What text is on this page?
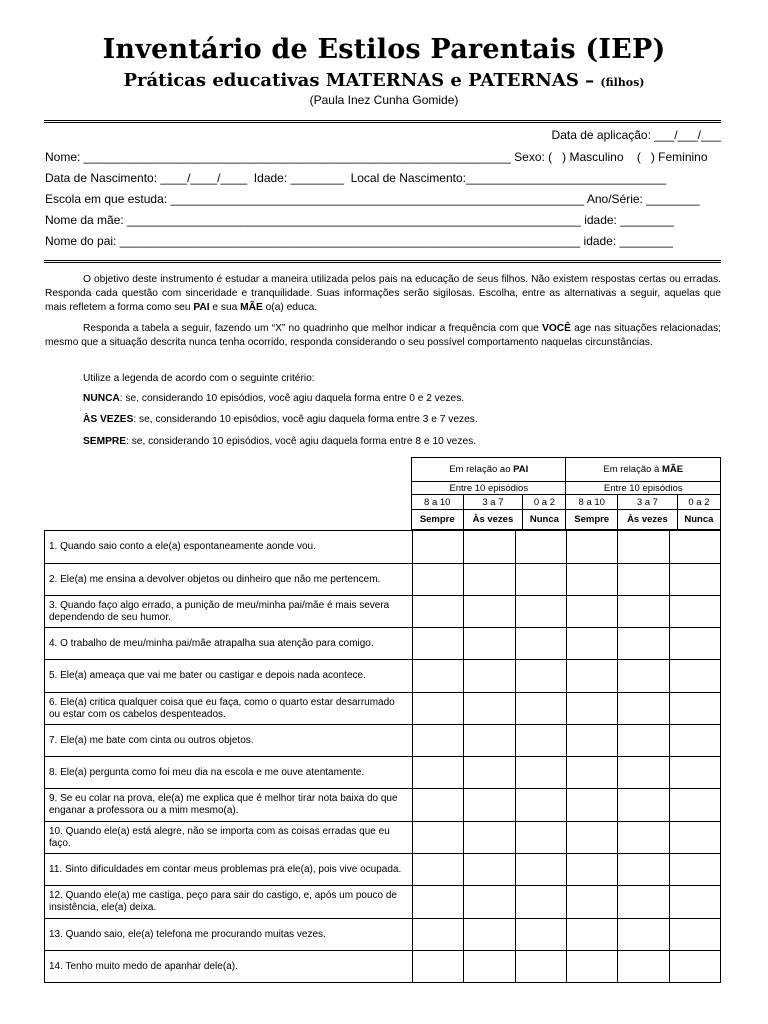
Inventário de Estilos Parentais (IEP)
Práticas educativas MATERNAS e PATERNAS – (filhos)
(Paula Inez Cunha Gomide)
Data de aplicação: ___/___/___
Nome: ________________________________________________________________ Sexo: (   ) Masculino    (   ) Feminino
Data de Nascimento: ____/____/____  Idade: ________  Local de Nascimento:______________________________
Escola em que estuda: ______________________________________________________________ Ano/Série: ________
Nome da mãe: ____________________________________________________________________ idade: ________
Nome do pai: _____________________________________________________________________ idade: ________
O objetivo deste instrumento é estudar a maneira utilizada pelos pais na educação de seus filhos. Não existem respostas certas ou erradas. Responda cada questão com sinceridade e tranquilidade. Suas informações serão sigilosas. Escolha, entre as alternativas a seguir, aquelas que mais refletem a forma como seu PAI e sua MÃE o(a) educa.
Responda a tabela a seguir, fazendo um “X” no quadrinho que melhor indicar a frequência com que VOCÊ age nas situações relacionadas; mesmo que a situação descrita nunca tenha ocorrido, responda considerando o seu possível comportamento naquelas circunstâncias.
Utilize a legenda de acordo com o seguinte critério:
NUNCA: se, considerando 10 episódios, você agiu daquela forma entre 0 e 2 vezes.
ÀS VEZES: se, considerando 10 episódios, você agiu daquela forma entre 3 e 7 vezes.
SEMPRE: se, considerando 10 episódios, você agiu daquela forma entre 8 e 10 vezes.
Em relação ao PAI			Em relação à MÃE		
Entre 10 episódios			Entre 10 episódios		
8 a 10	3 a 7	0 a 2	8 a 10	3 a 7	0 a 2
Sempre	Às vezes	Nunca	Sempre	Às vezes	Nunca
1. Quando saio conto a ele(a) espontaneamente aonde vou.						
2. Ele(a) me ensina a devolver objetos ou dinheiro que não me pertencem.						
3. Quando faço algo errado, a punição de meu/minha pai/mãe é mais severa dependendo de seu humor.						
4. O trabalho de meu/minha pai/mãe atrapalha sua atenção para comigo.						
5. Ele(a) ameaça que vai me bater ou castigar e depois nada acontece.						
6. Ele(a) critica qualquer coisa que eu faça, como o quarto estar desarrumado ou estar com os cabelos despenteados.						
7. Ele(a) me bate com cinta ou outros objetos.						
8. Ele(a) pergunta como foi meu dia na escola e me ouve atentamente.						
9. Se eu colar na prova, ele(a) me explica que é melhor tirar nota baixa do que enganar a professora ou a mim mesmo(a).						
10. Quando ele(a) está alegre, não se importa com as coisas erradas que eu faço.						
11. Sinto dificuldades em contar meus problemas pra ele(a), pois vive ocupada.						
12. Quando ele(a) me castiga, peço para sair do castigo, e, após um pouco de insistência, ele(a) deixa.						
13. Quando saio, ele(a) telefona me procurando muitas vezes.						
14. Tenho muito medo de apanhar dele(a).						
